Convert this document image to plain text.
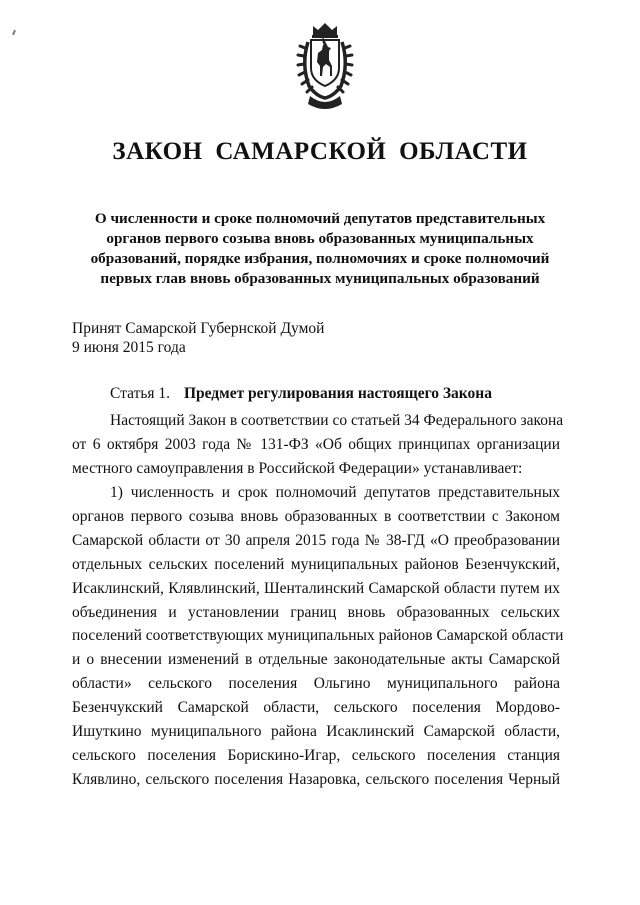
ЗАКОН САМАРСКОЙ ОБЛАСТИ
О численности и сроке полномочий депутатов представительных
органов первого созыва вновь образованных муниципальных
образований, порядке избрания, полномочиях и сроке полномочий
первых глав вновь образованных муниципальных образований
Принят Самарской Губернской Думой
9 июня 2015 года
Статья 1. Предмет регулирования настоящего Закона
Настоящий Закон в соответствии со статьей 34 Федерального закона
от 6 октября 2003 года № 131-ФЗ «Об общих принципах организации
местного самоуправления в Российской Федерации» устанавливает:
1) численность и срок полномочий депутатов представительных
органов первого созыва вновь образованных в соответствии с Законом
Самарской области от 30 апреля 2015 года № 38-ГД «О преобразовании
отдельных сельских поселений муниципальных районов Безенчукский,
Исаклинский, Клявлинский, Шенталинский Самарской области путем их
объединения и установлении границ вновь образованных сельских
поселений соответствующих муниципальных районов Самарской области
и о внесении изменений в отдельные законодательные акты Самарской
области» сельского поселения Ольгино муниципального района
Безенчукский Самарской области, сельского поселения Мордово-
Ишуткино муниципального района Исаклинский Самарской области,
сельского поселения Борискино-Игар, сельского поселения станция
Клявлино, сельского поселения Назаровка, сельского поселения Черный
